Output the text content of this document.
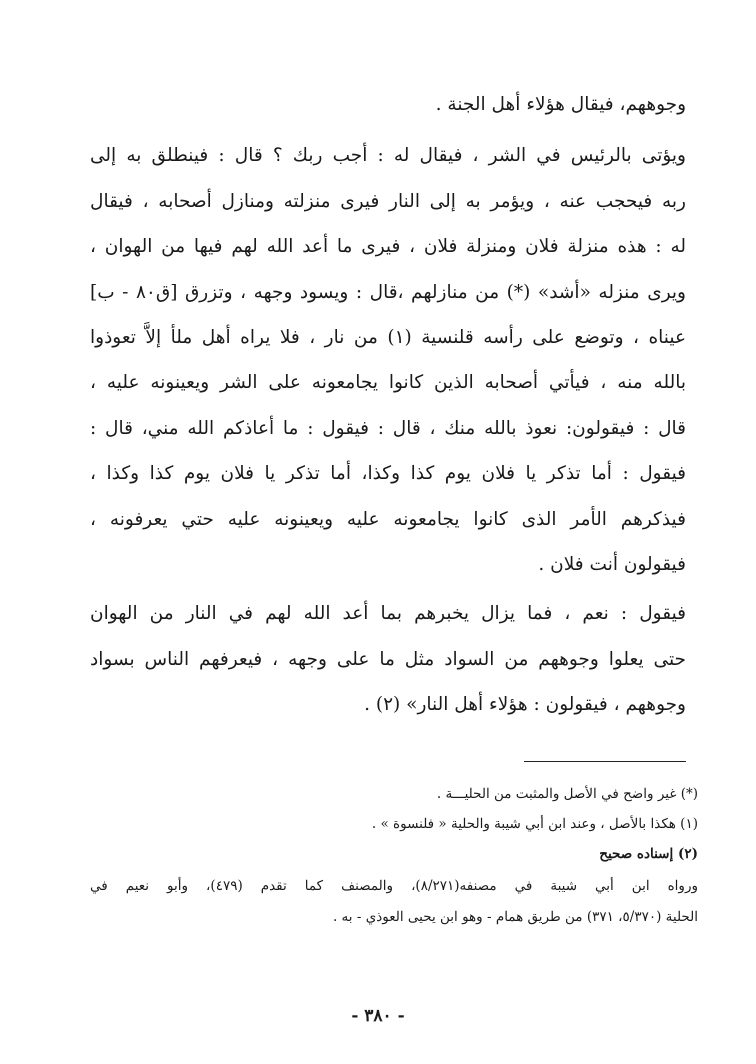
وجوههم، فيقال هؤلاء أهل الجنة .
ويؤتى بالرئيس في الشر ، فيقال له : أجب ربك ؟ قال : فينطلق به إلى
ربه فيحجب عنه ، ويؤمر به إلى النار فيرى منزلته ومنازل أصحابه ، فيقال
له : هذه منزلة فلان ومنزلة فلان ، فيرى ما أعد الله لهم فيها من الهوان ،
ويرى منزله «أشد» (*) من منازلهم ،قال : ويسود وجهه ، وتزرق [ق٨٠ - ب]
عيناه ، وتوضع على رأسه قلنسية (١) من نار ، فلا يراه أهل ملأ إلاَّ تعوذوا
بالله منه ، فيأتي أصحابه الذين كانوا يجامعونه على الشر ويعينونه عليه ،
قال : فيقولون: نعوذ بالله منك ، قال : فيقول : ما أعاذكم الله مني، قال :
فيقول : أما تذكر يا فلان يوم كذا وكذا، أما تذكر يا فلان يوم كذا وكذا ،
فيذكرهم الأمر الذى كانوا يجامعونه عليه ويعينونه عليه حتي يعرفونه ،
فيقولون أنت فلان .
فيقول : نعم ، فما يزال يخبرهم بما أعد الله لهم في النار من الهوان
حتى يعلوا وجوههم من السواد مثل ما على وجهه ، فيعرفهم الناس بسواد
وجوههم ، فيقولون : هؤلاء أهل النار» (٢) .
(*) غير واضح في الأصل والمثبت من الحليـــة .
(١) هكذا بالأصل ، وعند ابن أبي شيبة والحلية « فلنسوة » .
(٢) إسناده صحيح
ورواه ابن أبي شيبة في مصنفه(٨/٢٧١)، والمصنف كما تقدم (٤٧٩)، وأبو نعيم في
الحلية (٥/٣٧٠، ٣٧١) من طريق همام - وهو ابن يحيى العوذي - به .
- ٣٨٠ -
